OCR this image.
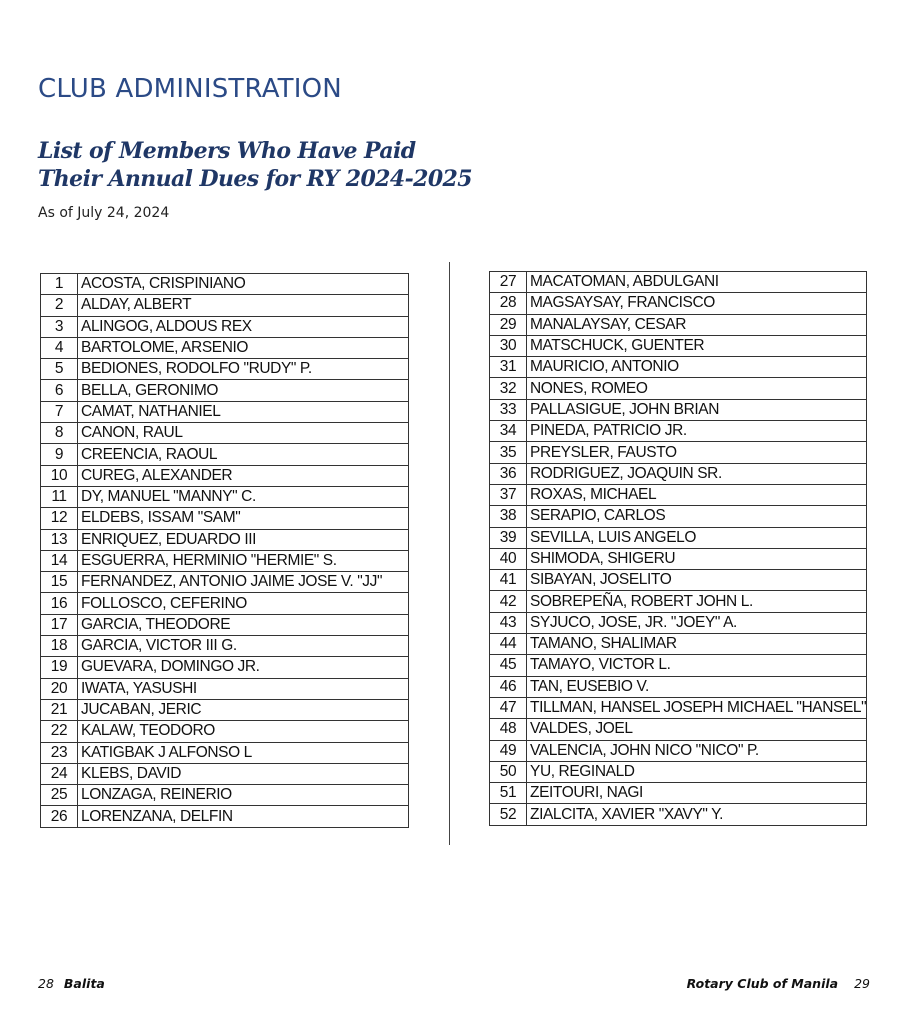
CLUB ADMINISTRATION
List of Members Who Have Paid
Their Annual Dues for RY 2024-2025

As of July 24, 2024

1	ACOSTA, CRISPINIANO
2	ALDAY, ALBERT
3	ALINGOG, ALDOUS REX
4	BARTOLOME, ARSENIO
5	BEDIONES, RODOLFO "RUDY" P.
6	BELLA, GERONIMO
7	CAMAT, NATHANIEL
8	CANON, RAUL
9	CREENCIA, RAOUL
10	CUREG, ALEXANDER
11	DY, MANUEL "MANNY" C.
12	ELDEBS, ISSAM "SAM"
13	ENRIQUEZ, EDUARDO III
14	ESGUERRA, HERMINIO "HERMIE" S.
15	FERNANDEZ, ANTONIO JAIME JOSE V. "JJ"
16	FOLLOSCO, CEFERINO
17	GARCIA, THEODORE
18	GARCIA, VICTOR III G.
19	GUEVARA, DOMINGO JR.
20	IWATA, YASUSHI
21	JUCABAN, JERIC
22	KALAW, TEODORO
23	KATIGBAK J ALFONSO L
24	KLEBS, DAVID
25	LONZAGA, REINERIO
26	LORENZANA, DELFIN
27	MACATOMAN, ABDULGANI
28	MAGSAYSAY, FRANCISCO
29	MANALAYSAY, CESAR
30	MATSCHUCK, GUENTER
31	MAURICIO, ANTONIO
32	NONES, ROMEO
33	PALLASIGUE, JOHN BRIAN
34	PINEDA, PATRICIO JR.
35	PREYSLER, FAUSTO
36	RODRIGUEZ, JOAQUIN SR.
37	ROXAS, MICHAEL
38	SERAPIO, CARLOS
39	SEVILLA, LUIS ANGELO
40	SHIMODA, SHIGERU
41	SIBAYAN, JOSELITO
42	SOBREPEÑA, ROBERT JOHN L.
43	SYJUCO, JOSE, JR. "JOEY" A.
44	TAMANO, SHALIMAR
45	TAMAYO, VICTOR L.
46	TAN, EUSEBIO V.
47	TILLMAN, HANSEL JOSEPH MICHAEL "HANSEL"
48	VALDES, JOEL
49	VALENCIA, JOHN NICO "NICO" P.
50	YU, REGINALD
51	ZEITOURI, NAGI
52	ZIALCITA, XAVIER "XAVY" Y.
28 Balita	Rotary Club of Manila 29
